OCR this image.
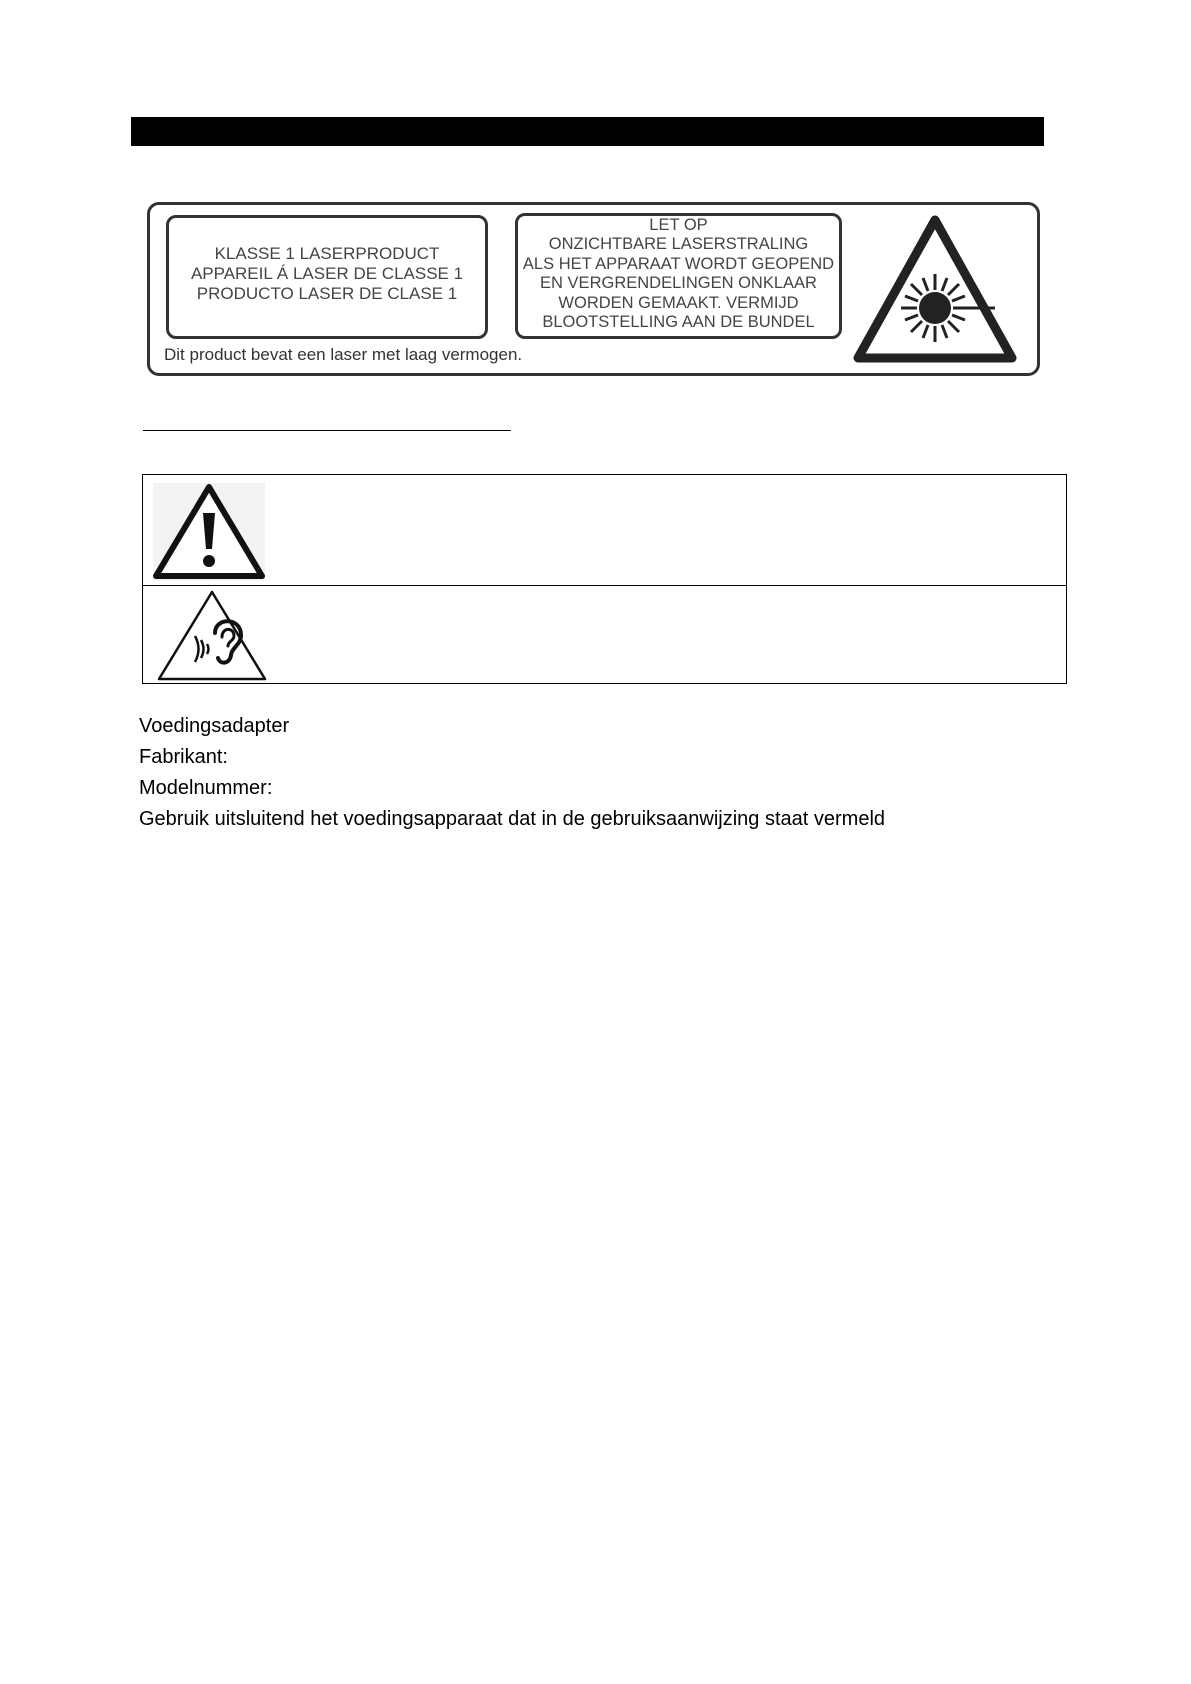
KLASSE 1 LASERPRODUCT
APPAREIL Á LASER DE CLASSE 1
PRODUCTO LASER DE CLASE 1
LET OP
ONZICHTBARE LASERSTRALING
ALS HET APPARAAT WORDT GEOPEND
EN VERGRENDELINGEN ONKLAAR
WORDEN GEMAAKT. VERMIJD
BLOOTSTELLING AAN DE BUNDEL
Dit product bevat een laser met laag vermogen.
Voedingsadapter
Fabrikant:
Modelnummer:
Gebruik uitsluitend het voedingsapparaat dat in de gebruiksaanwijzing staat vermeld
